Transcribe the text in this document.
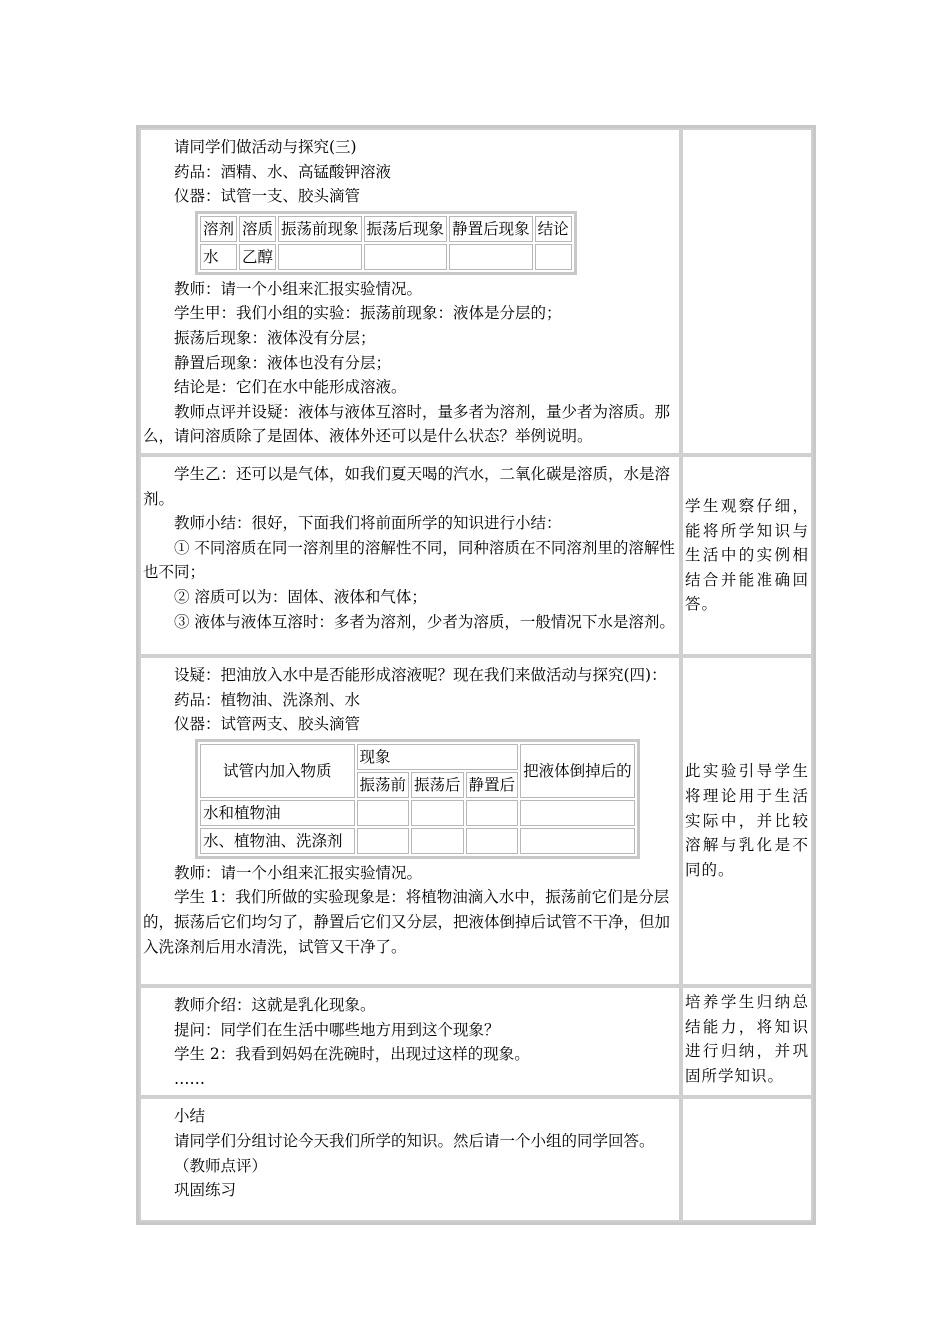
请同学们做活动与探究(三)

药品：酒精、水、高锰酸钾溶液

仪器：试管一支、胶头滴管

溶剂	溶质	振荡前现象	振荡后现象	静置后现象	结论
水	乙醇				

教师：请一个小组来汇报实验情况。

学生甲：我们小组的实验：振荡前现象：液体是分层的；

振荡后现象：液体没有分层；

静置后现象：液体也没有分层；

结论是：它们在水中能形成溶液。

教师点评并设疑：液体与液体互溶时，量多者为溶剂，量少者为溶质。那么，请问溶质除了是固体、液体外还可以是什么状态？举例说明。

学生乙：还可以是气体，如我们夏天喝的汽水，二氧化碳是溶质，水是溶剂。

教师小结：很好，下面我们将前面所学的知识进行小结：

① 不同溶质在同一溶剂里的溶解性不同，同种溶质在不同溶剂里的溶解性也不同；

② 溶质可以为：固体、液体和气体；

③ 液体与液体互溶时：多者为溶剂，少者为溶质，一般情况下水是溶剂。

学生观察仔细，能将所学知识与生活中的实例相结合并能准确回答。

设疑：把油放入水中是否能形成溶液呢？现在我们来做活动与探究(四)：

药品：植物油、洗涤剂、水

仪器：试管两支、胶头滴管

试管内加入物质	现象	把液体倒掉后的
振荡前	振荡后	静置后
水和植物油				
水、植物油、洗涤剂				

教师：请一个小组来汇报实验情况。

学生 1：我们所做的实验现象是：将植物油滴入水中，振荡前它们是分层的，振荡后它们均匀了，静置后它们又分层，把液体倒掉后试管不干净，但加入洗涤剂后用水清洗，试管又干净了。

此实验引导学生将理论用于生活实际中，并比较溶解与乳化是不同的。

教师介绍：这就是乳化现象。

提问：同学们在生活中哪些地方用到这个现象？

学生 2：我看到妈妈在洗碗时，出现过这样的现象。

……

培养学生归纳总结能力，将知识进行归纳，并巩固所学知识。

小结

请同学们分组讨论今天我们所学的知识。然后请一个小组的同学回答。

（教师点评）

巩固练习
